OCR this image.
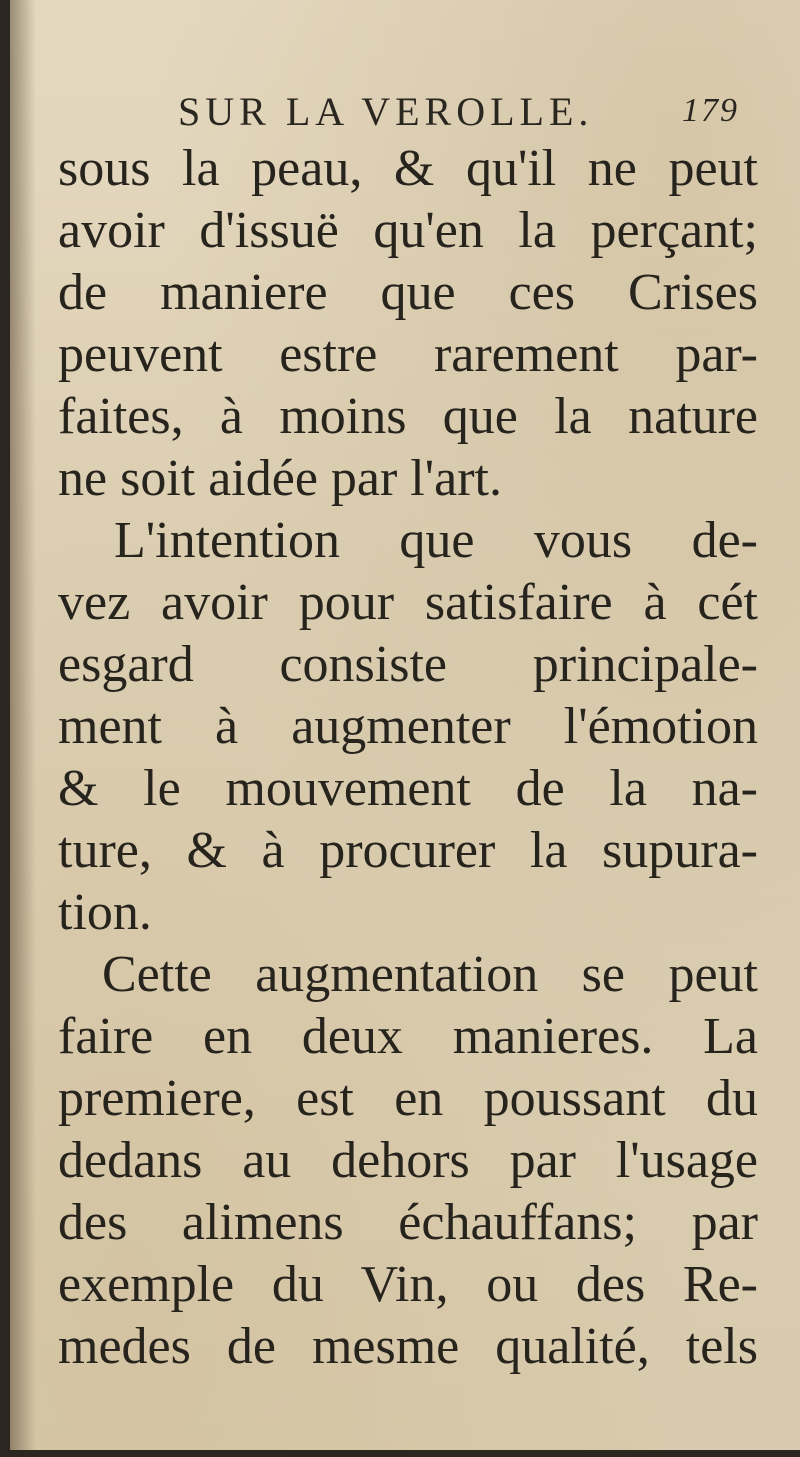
SUR LA VEROLLE.	179
sous la peau, & qu'il ne peut
avoir d'issuë qu'en la perçant;
de maniere que ces Crises
peuvent estre rarement par-
faites, à moins que la nature
ne soit aidée par l'art.
L'intention que vous de-
vez avoir pour satisfaire à cét
esgard consiste principale-
ment à augmenter l'émotion
& le mouvement de la na-
ture, & à procurer la supura-
tion.
Cette augmentation se peut
faire en deux manieres. La
premiere, est en poussant du
dedans au dehors par l'usage
des alimens échauffans; par
exemple du Vin, ou des Re-
medes de mesme qualité, tels
